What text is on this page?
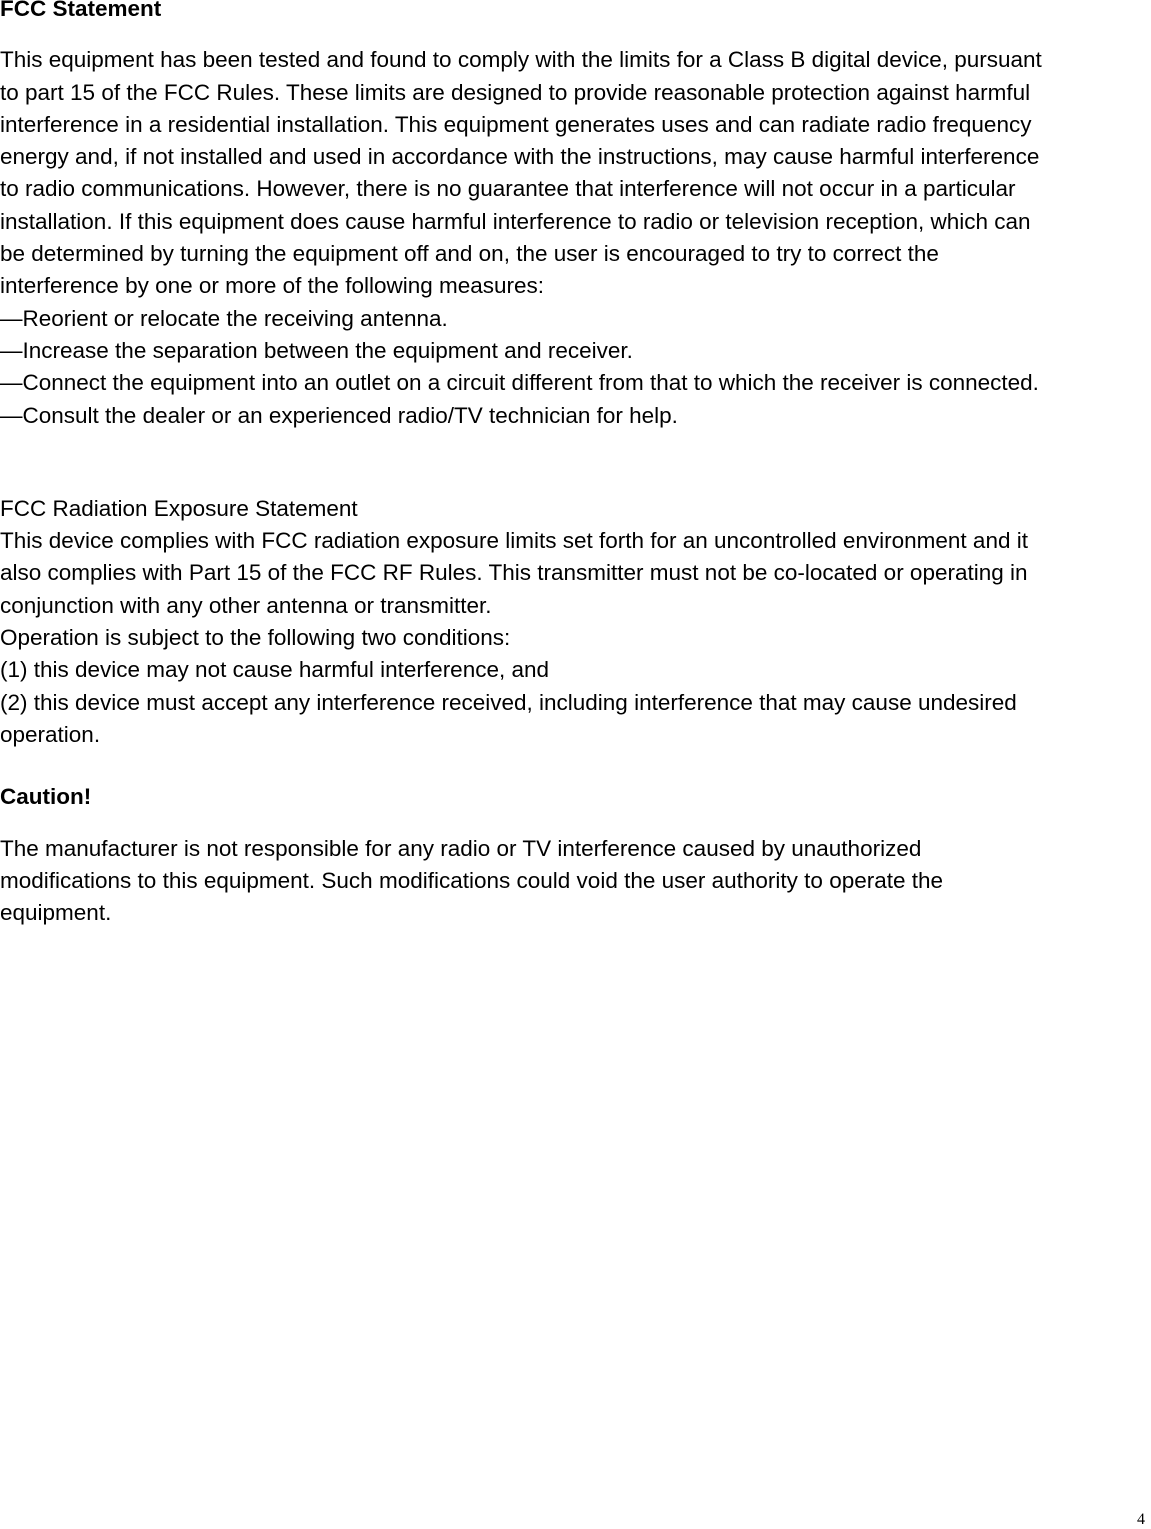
FCC Statement

This equipment has been tested and found to comply with the limits for a Class B digital device, pursuant
to part 15 of the FCC Rules. These limits are designed to provide reasonable protection against harmful
interference in a residential installation. This equipment generates uses and can radiate radio frequency
energy and, if not installed and used in accordance with the instructions, may cause harmful interference
to radio communications. However, there is no guarantee that interference will not occur in a particular
installation. If this equipment does cause harmful interference to radio or television reception, which can
be determined by turning the equipment off and on, the user is encouraged to try to correct the
interference by one or more of the following measures:
—Reorient or relocate the receiving antenna.
—Increase the separation between the equipment and receiver.
—Connect the equipment into an outlet on a circuit different from that to which the receiver is connected.
—Consult the dealer or an experienced radio/TV technician for help.

FCC Radiation Exposure Statement
This device complies with FCC radiation exposure limits set forth for an uncontrolled environment and it
also complies with Part 15 of the FCC RF Rules. This transmitter must not be co-located or operating in
conjunction with any other antenna or transmitter.
Operation is subject to the following two conditions:
(1) this device may not cause harmful interference, and
(2) this device must accept any interference received, including interference that may cause undesired
operation.

Caution!

The manufacturer is not responsible for any radio or TV interference caused by unauthorized
modifications to this equipment. Such modifications could void the user authority to operate the
equipment.

4
